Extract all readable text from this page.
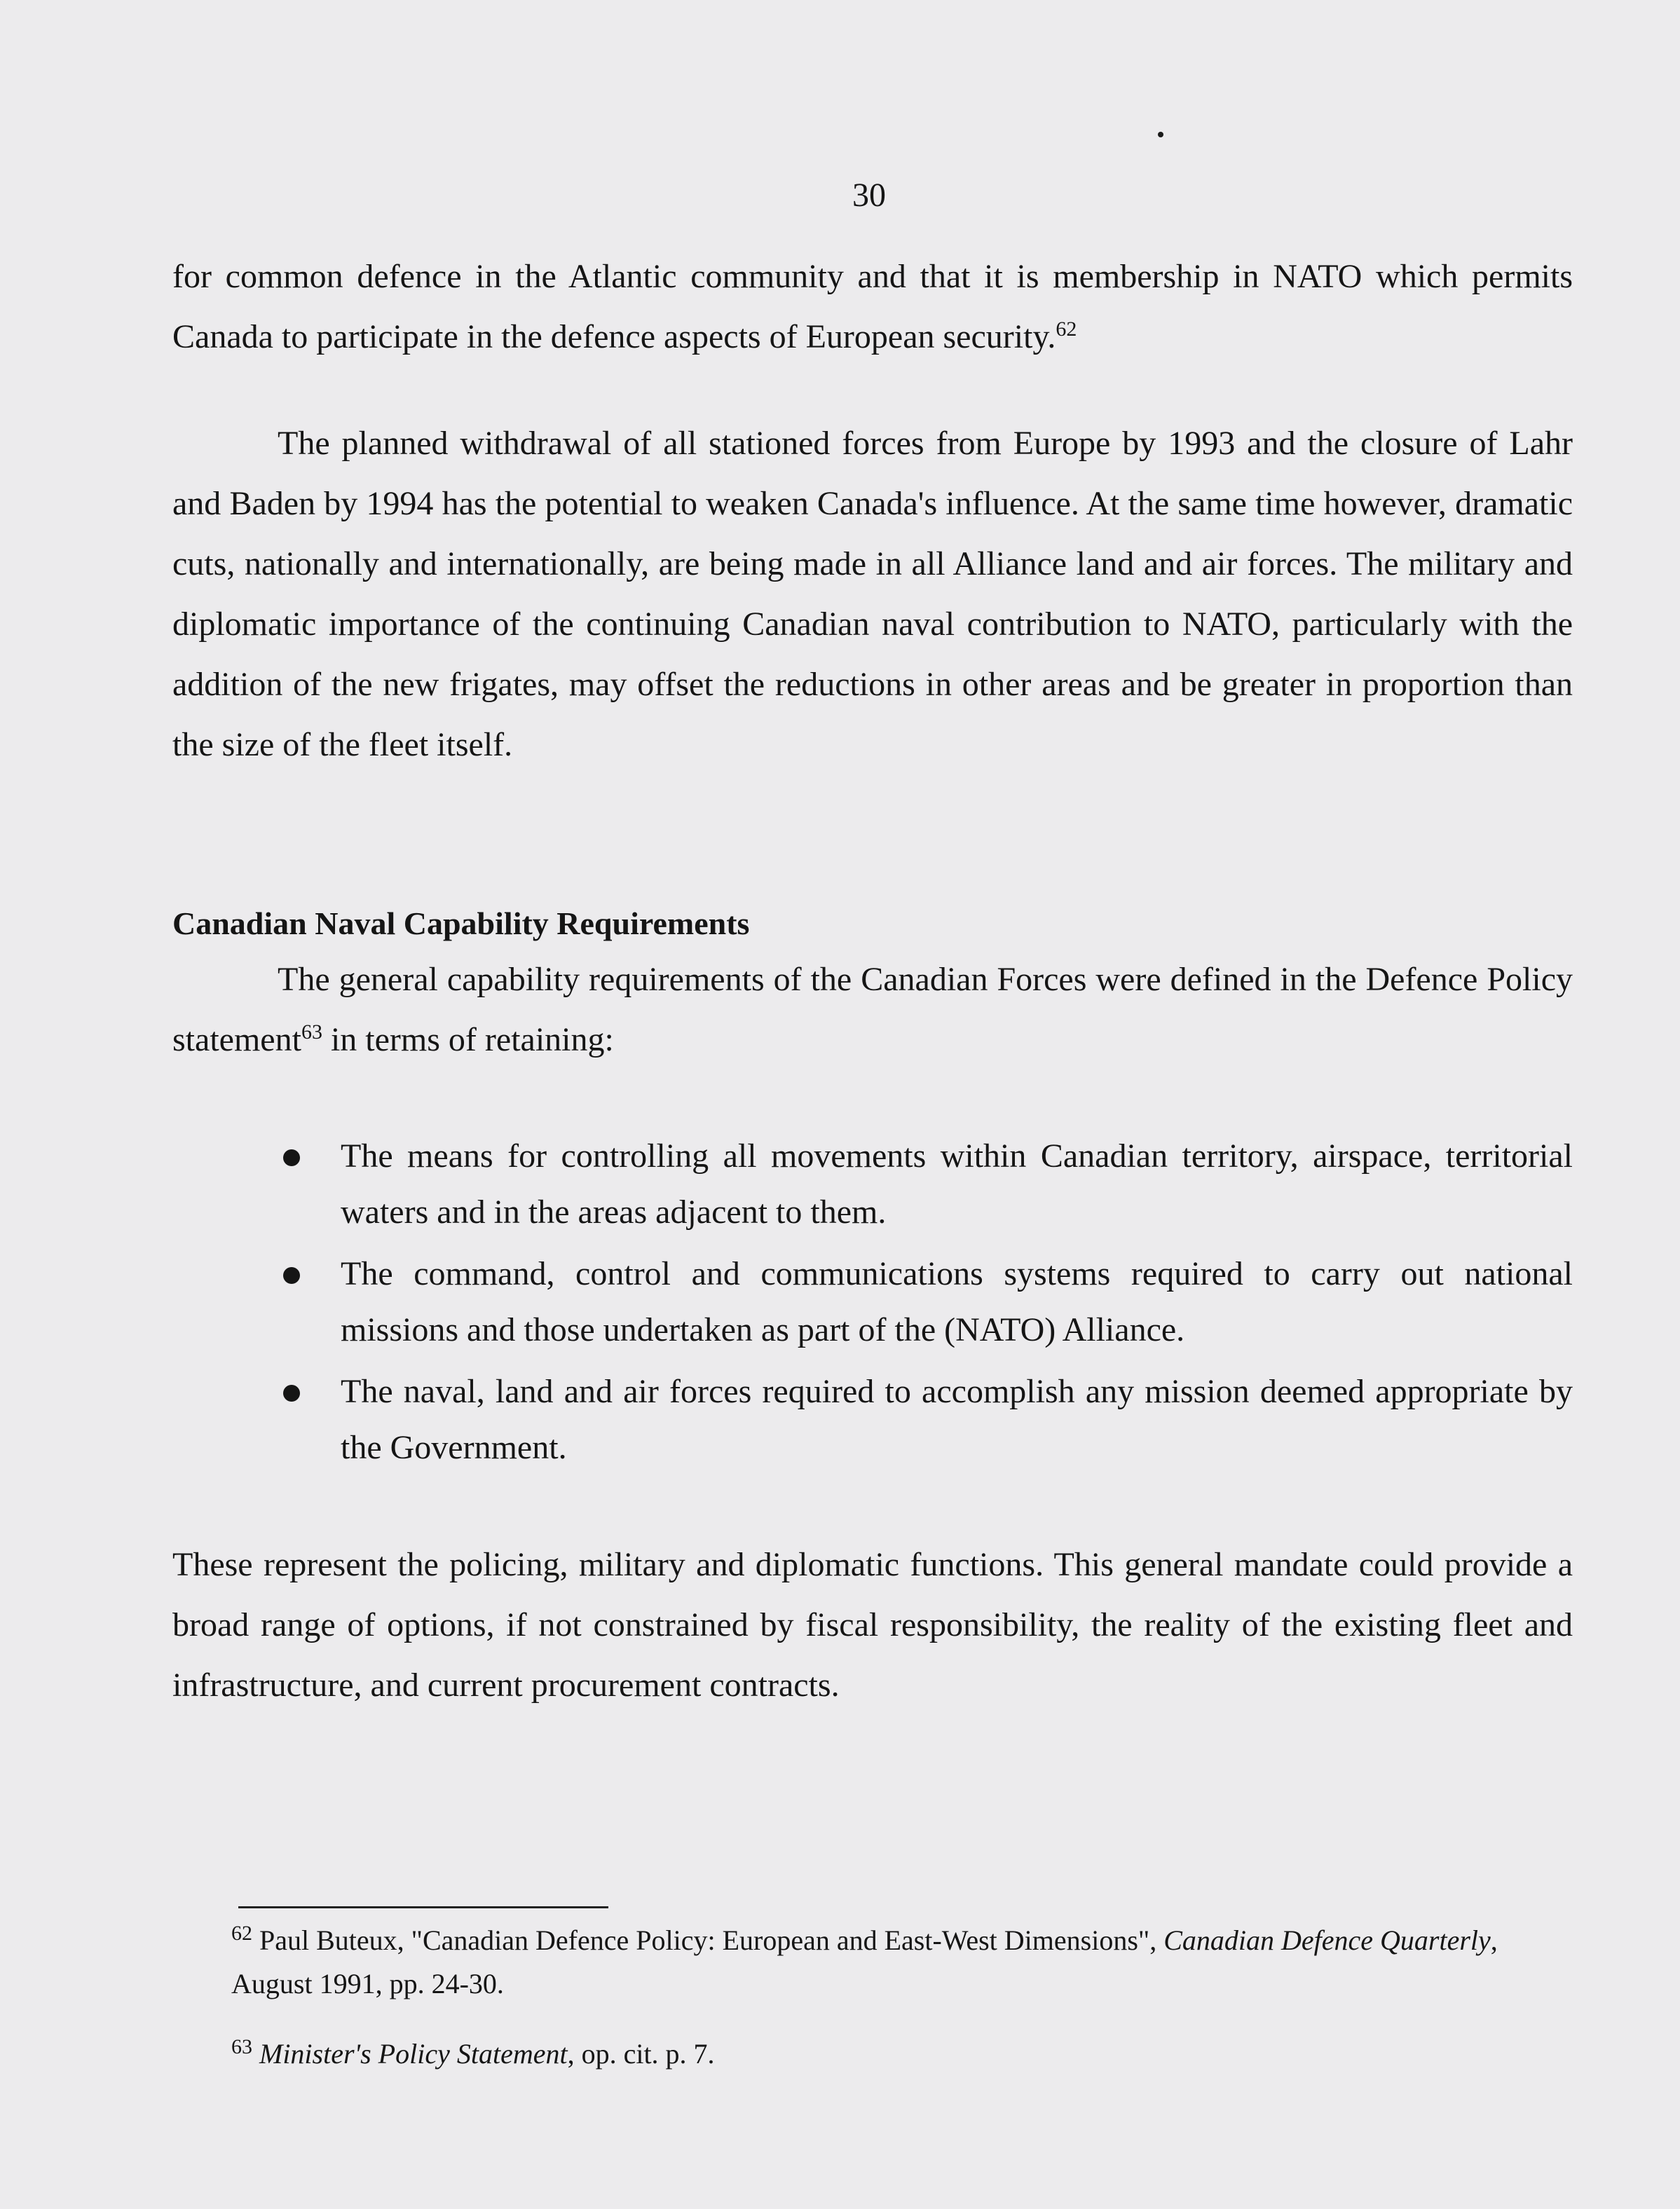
30

for common defence in the Atlantic community and that it is membership in NATO which permits Canada to participate in the defence aspects of European security.$^{62}$

The planned withdrawal of all stationed forces from Europe by 1993 and the closure of Lahr and Baden by 1994 has the potential to weaken Canada's influence. At the same time however, dramatic cuts, nationally and internationally, are being made in all Alliance land and air forces. The military and diplomatic importance of the continuing Canadian naval contribution to NATO, particularly with the addition of the new frigates, may offset the reductions in other areas and be greater in proportion than the size of the fleet itself.

Canadian Naval Capability Requirements

The general capability requirements of the Canadian Forces were defined in the Defence Policy statement$^{63}$ in terms of retaining:

The means for controlling all movements within Canadian territory, airspace, territorial waters and in the areas adjacent to them.
The command, control and communications systems required to carry out national missions and those undertaken as part of the (NATO) Alliance.
The naval, land and air forces required to accomplish any mission deemed appropriate by the Government.

These represent the policing, military and diplomatic functions. This general mandate could provide a broad range of options, if not constrained by fiscal responsibility, the reality of the existing fleet and infrastructure, and current procurement contracts.

$^{62}$ Paul Buteux, "Canadian Defence Policy: European and East-West Dimensions", Canadian Defence Quarterly, August 1991, pp. 24-30.

$^{63}$ Minister's Policy Statement, op. cit. p. 7.
